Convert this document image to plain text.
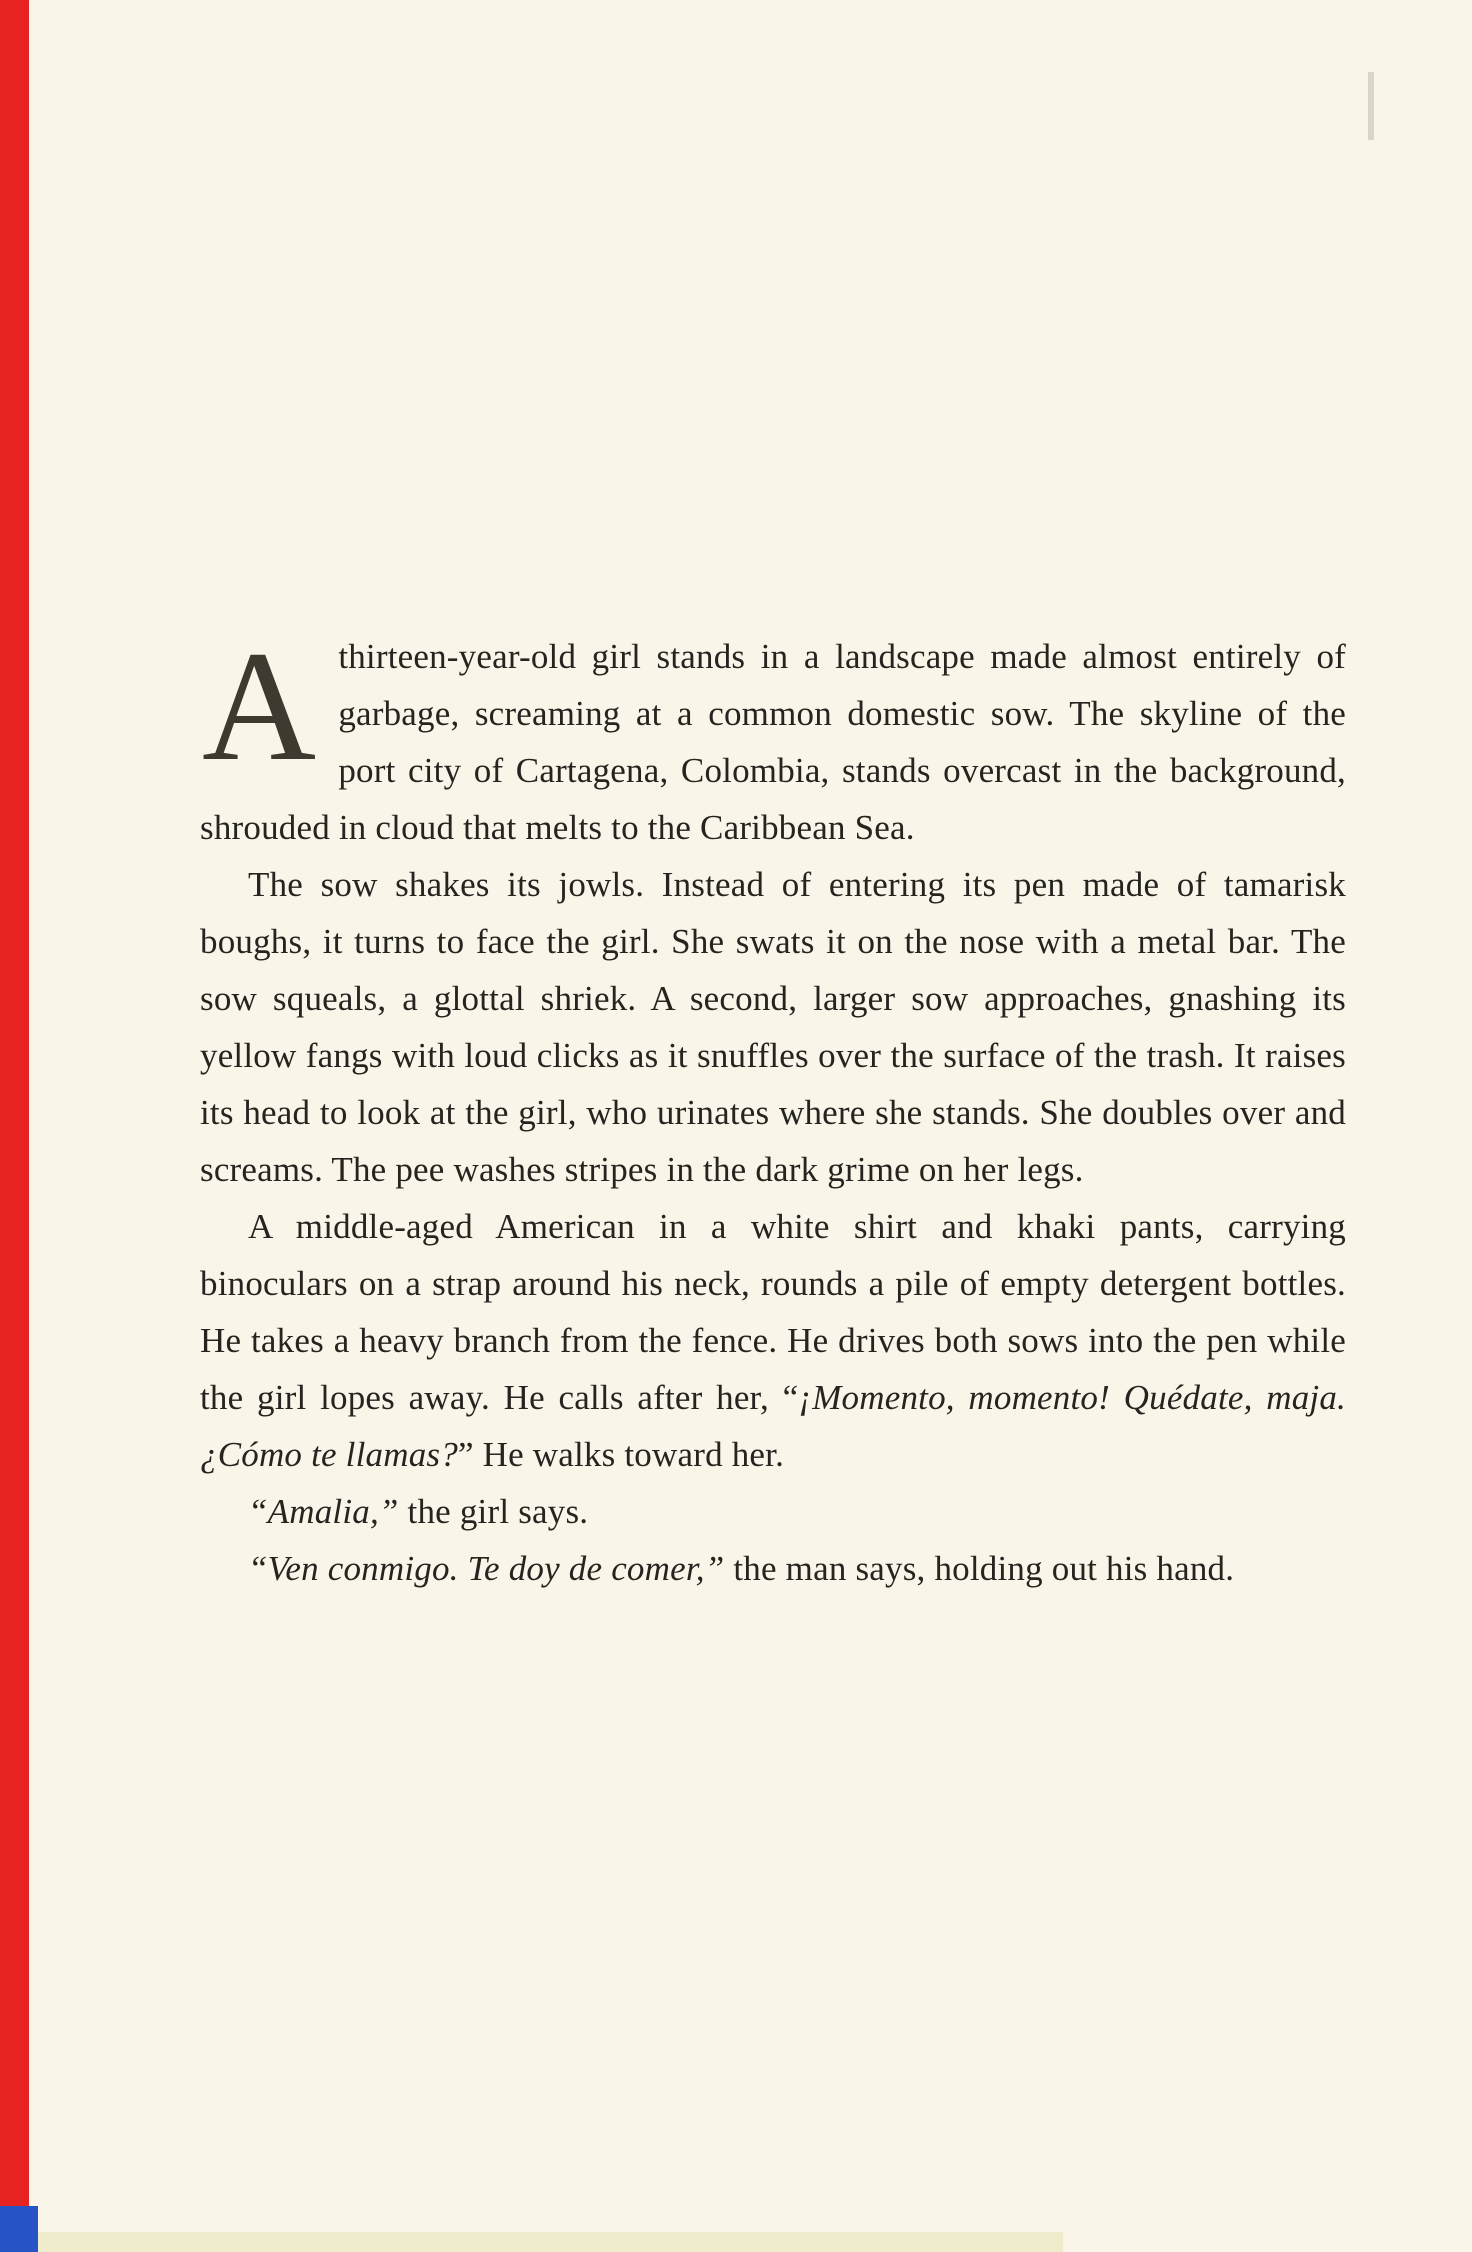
Athirteen-year-old girl stands in a landscape made almost entirely of garbage, screaming at a common domestic sow. The skyline of the port city of Cartagena, Colombia, stands overcast in the background, shrouded in cloud that melts to the Caribbean Sea.

The sow shakes its jowls. Instead of entering its pen made of tamarisk boughs, it turns to face the girl. She swats it on the nose with a metal bar. The sow squeals, a glottal shriek. A second, larger sow approaches, gnashing its yellow fangs with loud clicks as it snuffles over the surface of the trash. It raises its head to look at the girl, who urinates where she stands. She doubles over and screams. The pee washes stripes in the dark grime on her legs.

A middle-aged American in a white shirt and khaki pants, carrying binoculars on a strap around his neck, rounds a pile of empty detergent bottles. He takes a heavy branch from the fence. He drives both sows into the pen while the girl lopes away. He calls after her, “¡Momento, momento! Quédate, maja. ¿Cómo te llamas?” He walks toward her.

“Amalia,” the girl says.

“Ven conmigo. Te doy de comer,” the man says, holding out his hand.
